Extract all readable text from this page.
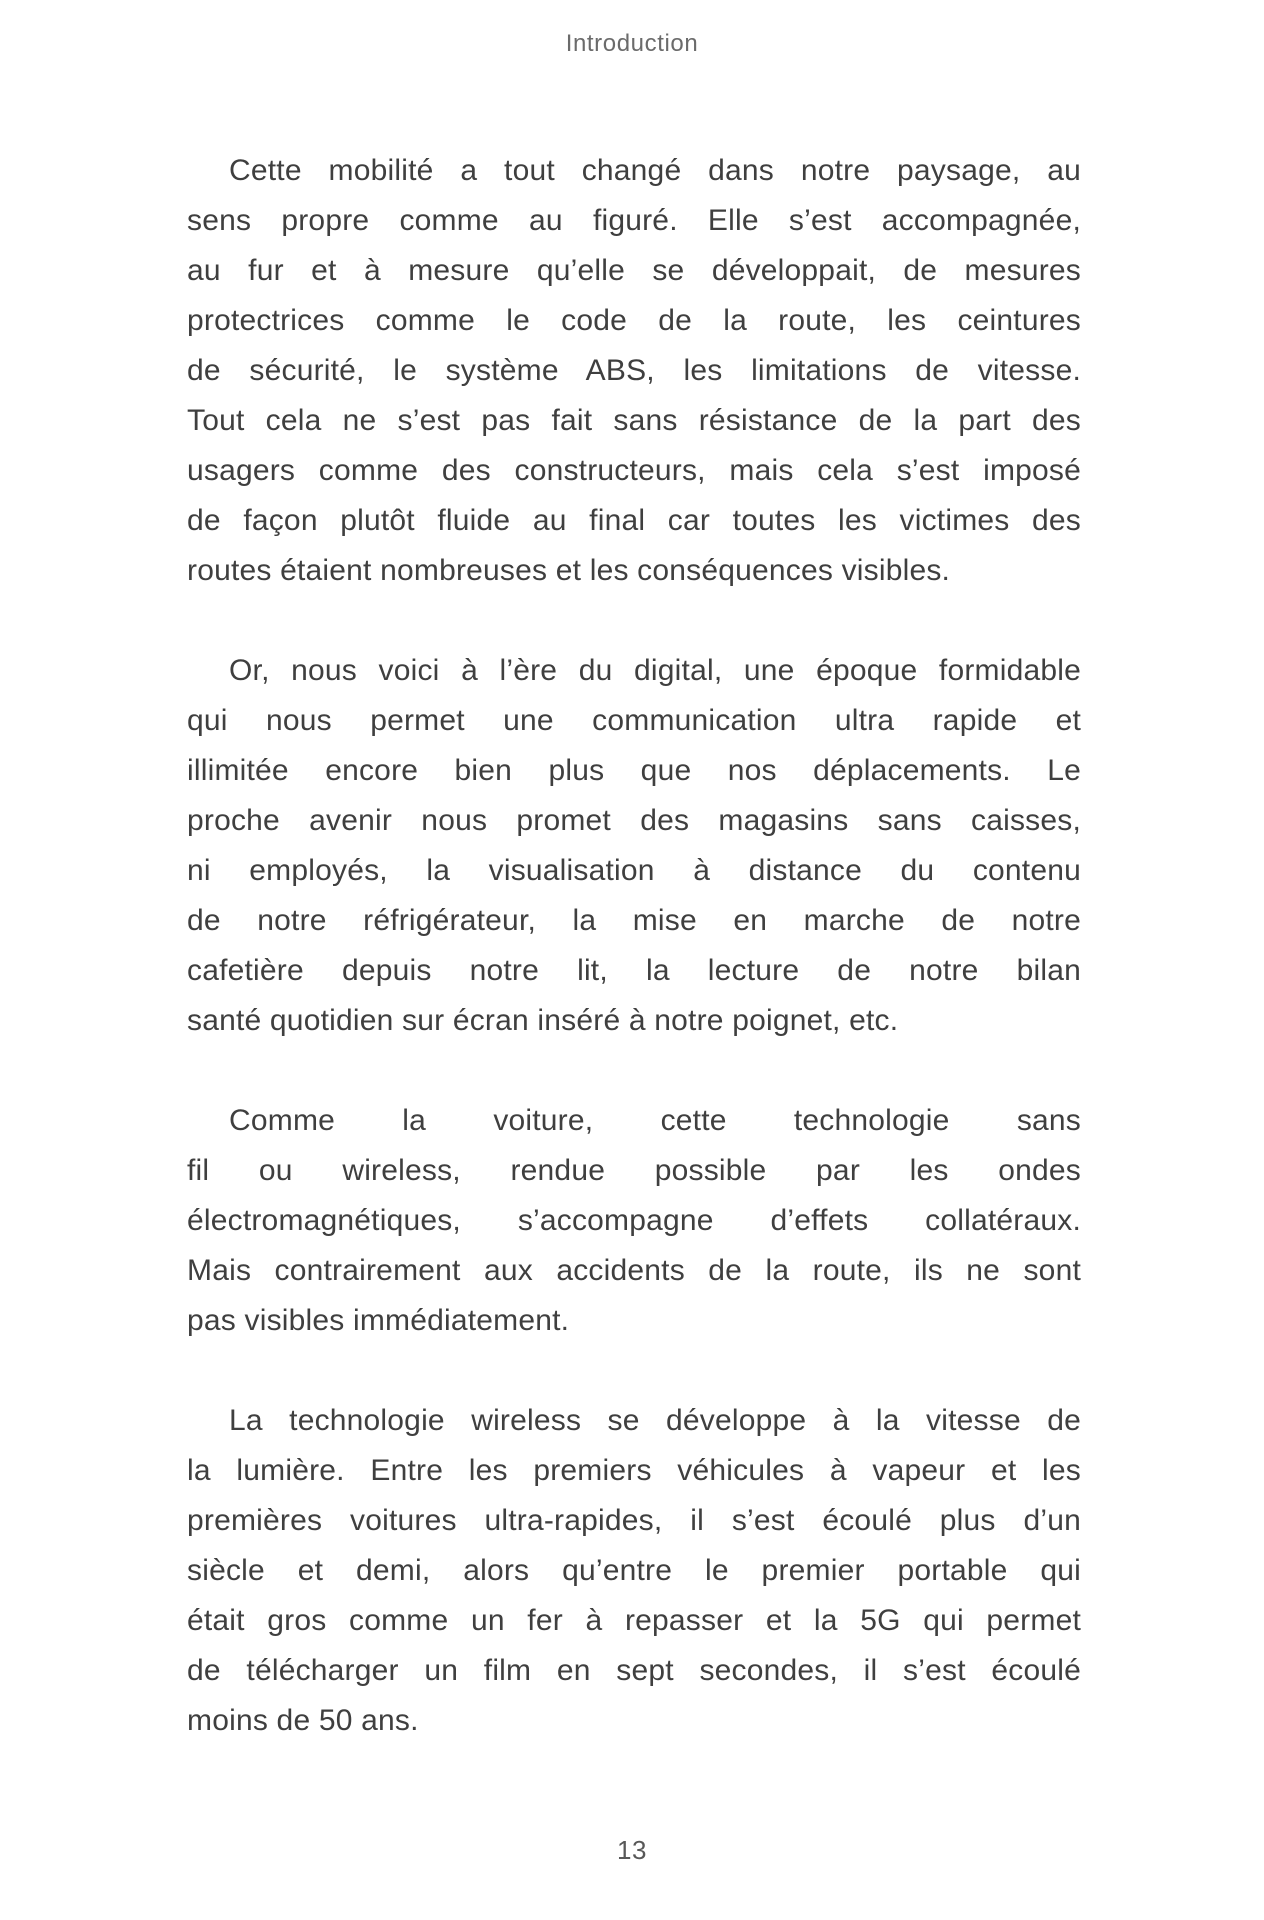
Introduction
Cette mobilité a tout changé dans notre paysage, au
sens propre comme au figuré. Elle s’est accompagnée,
au fur et à mesure qu’elle se développait, de mesures
protectrices comme le code de la route, les ceintures
de sécurité, le système ABS, les limitations de vitesse.
Tout cela ne s’est pas fait sans résistance de la part des
usagers comme des constructeurs, mais cela s’est imposé
de façon plutôt fluide au final car toutes les victimes des
routes étaient nombreuses et les conséquences visibles.
Or, nous voici à l’ère du digital, une époque formidable
qui nous permet une communication ultra rapide et
illimitée encore bien plus que nos déplacements. Le
proche avenir nous promet des magasins sans caisses,
ni employés, la visualisation à distance du contenu
de notre réfrigérateur, la mise en marche de notre
cafetière depuis notre lit, la lecture de notre bilan
santé quotidien sur écran inséré à notre poignet, etc.
Comme la voiture, cette technologie sans
fil ou wireless, rendue possible par les ondes
électromagnétiques, s’accompagne d’effets collatéraux.
Mais contrairement aux accidents de la route, ils ne sont
pas visibles immédiatement.
La technologie wireless se développe à la vitesse de
la lumière. Entre les premiers véhicules à vapeur et les
premières voitures ultra-rapides, il s’est écoulé plus d’un
siècle et demi, alors qu’entre le premier portable qui
était gros comme un fer à repasser et la 5G qui permet
de télécharger un film en sept secondes, il s’est écoulé
moins de 50 ans.
13
